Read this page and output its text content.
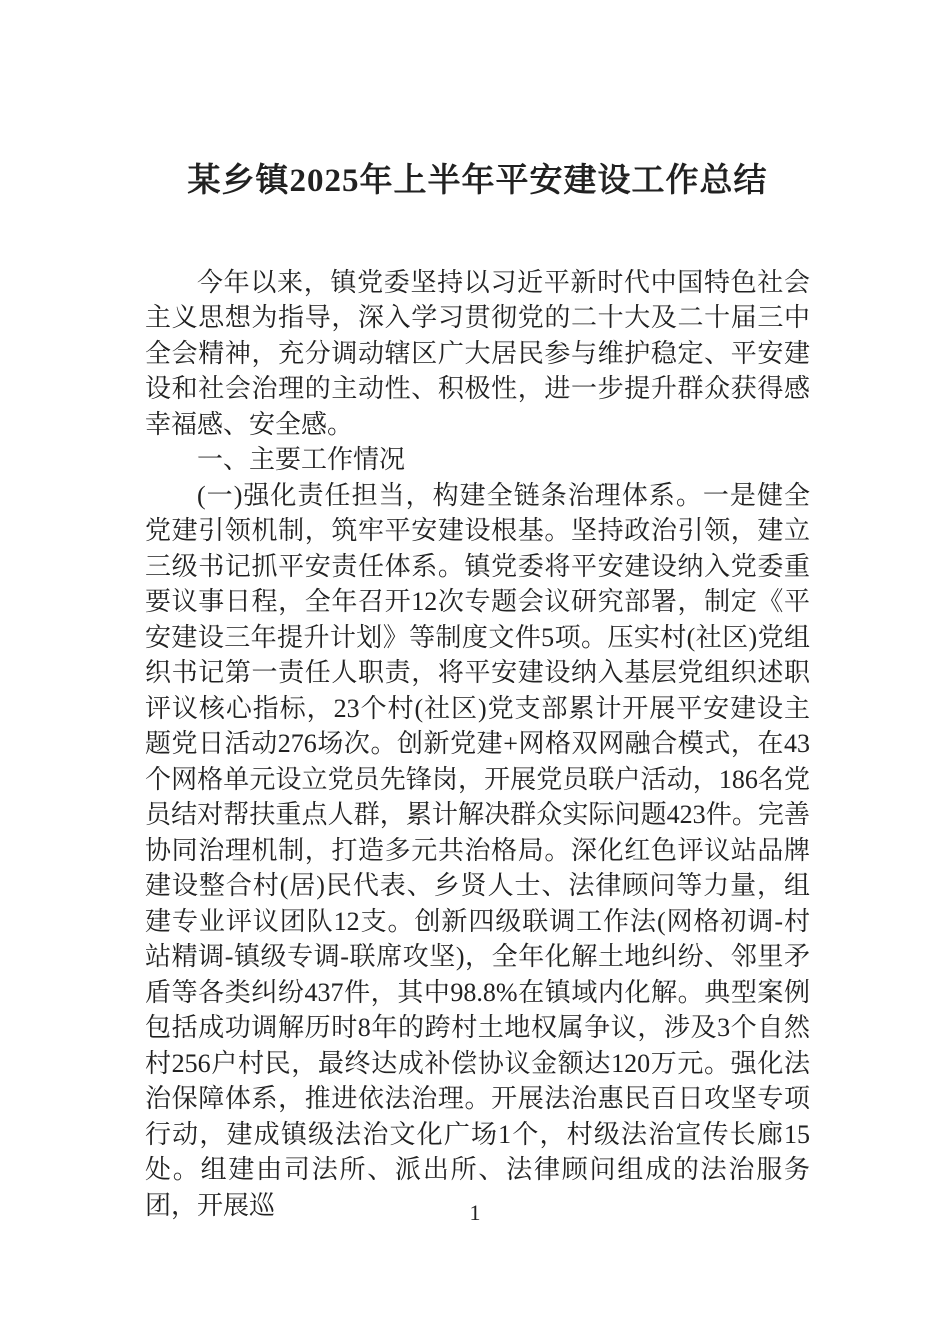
某乡镇2025年上半年平安建设工作总结

今年以来，镇党委坚持以习近平新时代中国特色社会主义思想为指导，深入学习贯彻党的二十大及二十届三中全会精神，充分调动辖区广大居民参与维护稳定、平安建设和社会治理的主动性、积极性，进一步提升群众获得感幸福感、安全感。

一、主要工作情况

(一)强化责任担当，构建全链条治理体系。一是健全党建引领机制，筑牢平安建设根基。坚持政治引领，建立三级书记抓平安责任体系。镇党委将平安建设纳入党委重要议事日程，全年召开12次专题会议研究部署，制定《平安建设三年提升计划》等制度文件5项。压实村(社区)党组织书记第一责任人职责，将平安建设纳入基层党组织述职评议核心指标，23个村(社区)党支部累计开展平安建设主题党日活动276场次。创新党建+网格双网融合模式，在43个网格单元设立党员先锋岗，开展党员联户活动，186名党员结对帮扶重点人群，累计解决群众实际问题423件。完善协同治理机制，打造多元共治格局。深化红色评议站品牌建设整合村(居)民代表、乡贤人士、法律顾问等力量，组建专业评议团队12支。创新四级联调工作法(网格初调-村站精调-镇级专调-联席攻坚)，全年化解土地纠纷、邻里矛盾等各类纠纷437件，其中98.8%在镇域内化解。典型案例包括成功调解历时8年的跨村土地权属争议，涉及3个自然村256户村民，最终达成补偿协议金额达120万元。强化法治保障体系，推进依法治理。开展法治惠民百日攻坚专项行动，建成镇级法治文化广场1个，村级法治宣传长廊15处。组建由司法所、派出所、法律顾问组成的法治服务团，开展巡	1
